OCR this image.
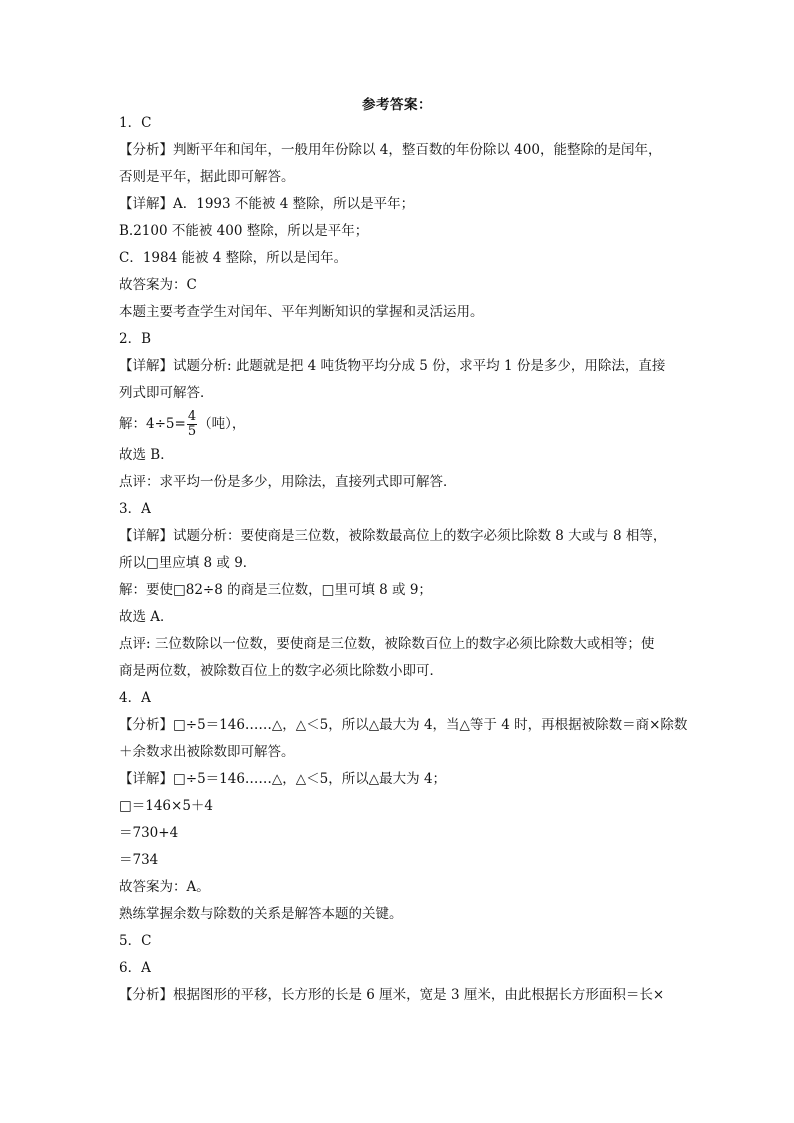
参考答案：
1．C
【分析】判断平年和闰年，一般用年份除以 4，整百数的年份除以 400，能整除的是闰年，
否则是平年，据此即可解答。
【详解】A．1993 不能被 4 整除，所以是平年；
B.2100 不能被 400 整除，所以是平年；
C．1984 能被 4 整除，所以是闰年。
故答案为：C
本题主要考查学生对闰年、平年判断知识的掌握和灵活运用。
2．B
【详解】试题分析: 此题就是把 4 吨货物平均分成 5 份，求平均 1 份是多少，用除法，直接
列式即可解答．
解：$4\div 5= \frac{4}{5}$ （吨），
故选 B．
点评：求平均一份是多少，用除法，直接列式即可解答．
3．A
【详解】试题分析：要使商是三位数，被除数最高位上的数字必须比除数 8 大或与 8 相等，
所以□里应填 8 或 9．
解：要使□82÷8 的商是三位数，□里可填 8 或 9；
故选 A．
点评: 三位数除以一位数，要使商是三位数，被除数百位上的数字必须比除数大或相等；使
商是两位数，被除数百位上的数字必须比除数小即可．
4．A
【分析】□÷5＝146……△，△＜5，所以△最大为 4，当△等于 4 时，再根据被除数＝商×除数
＋余数求出被除数即可解答。
【详解】□÷5＝146……△，△＜5，所以△最大为 4；
□＝146×5＋4
＝730+4
＝734
故答案为：A。
熟练掌握余数与除数的关系是解答本题的关键。
5．C
6．A
【分析】根据图形的平移，长方形的长是 6 厘米，宽是 3 厘米，由此根据长方形面积＝长×
